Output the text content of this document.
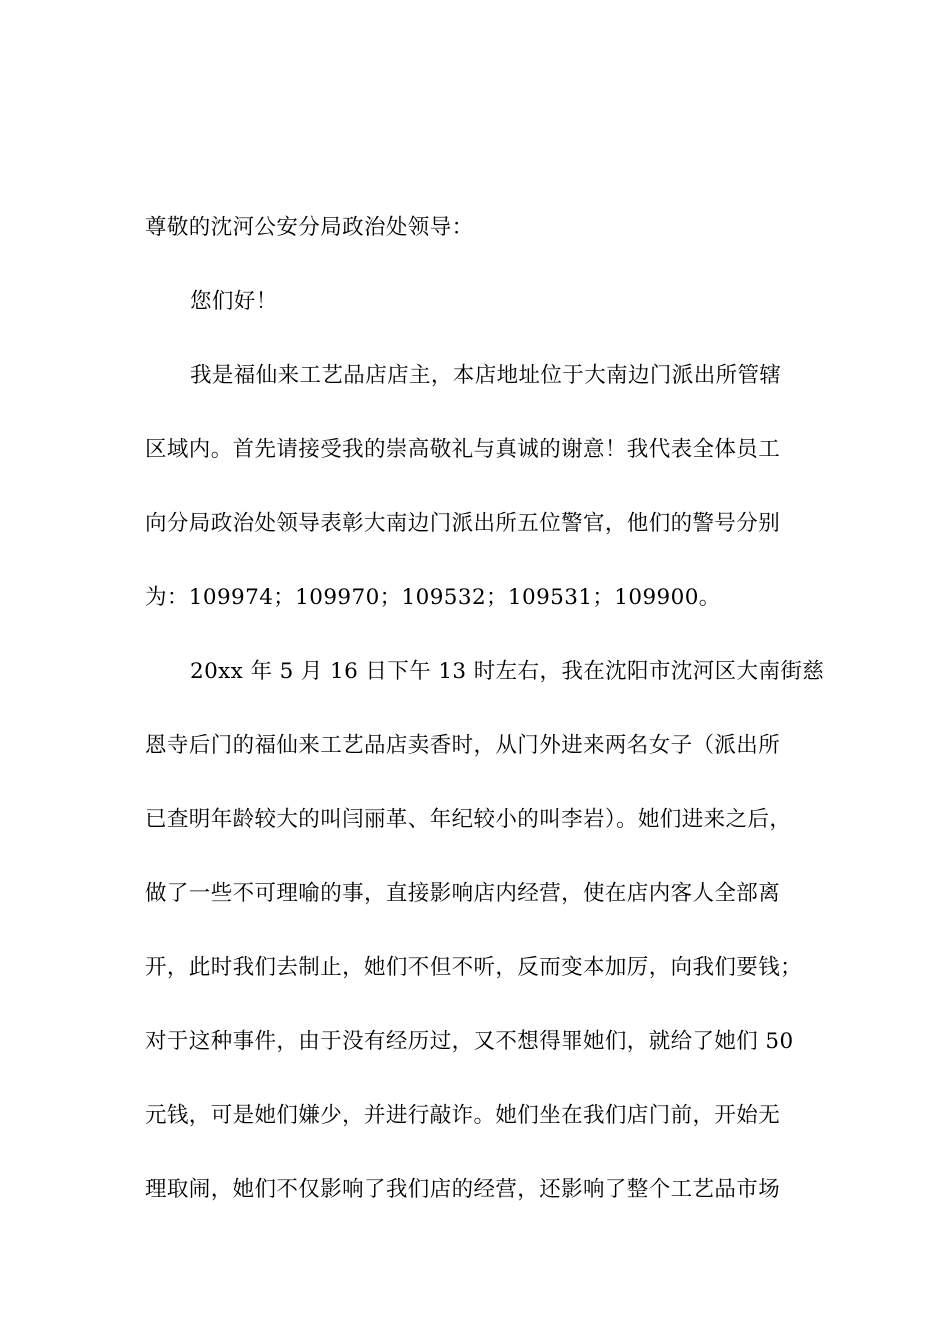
尊敬的沈河公安分局政治处领导：
您们好！
我是福仙来工艺品店店主，本店地址位于大南边门派出所管辖
区域内。首先请接受我的崇高敬礼与真诚的谢意！我代表全体员工
向分局政治处领导表彰大南边门派出所五位警官，他们的警号分别
为：109974；109970；109532；109531；109900。
20xx 年 5 月 16 日下午 13 时左右，我在沈阳市沈河区大南街慈
恩寺后门的福仙来工艺品店卖香时，从门外进来两名女子（派出所
已查明年龄较大的叫闫丽革、年纪较小的叫李岩）。她们进来之后，
做了一些不可理喻的事，直接影响店内经营，使在店内客人全部离
开，此时我们去制止，她们不但不听，反而变本加厉，向我们要钱；
对于这种事件，由于没有经历过，又不想得罪她们，就给了她们 50
元钱，可是她们嫌少，并进行敲诈。她们坐在我们店门前，开始无
理取闹，她们不仅影响了我们店的经营，还影响了整个工艺品市场
